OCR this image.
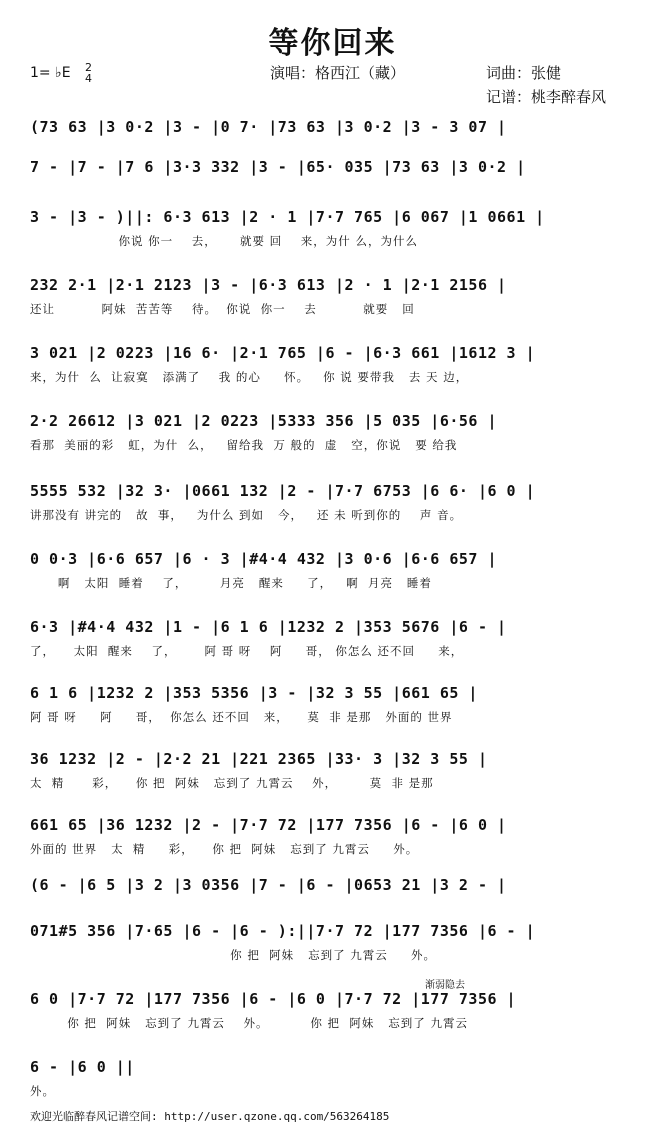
等你回来
1= ♭E 2
4	演唱：格西江（藏）	词曲：张健
记谱：桃李醉春风
(73 63 |3 0·2 |3 - |0 7· |73 63 |3 0·2 |3 - 3 07 |
7 - |7 - |7 6 |3·3 332 |3 - |65· 035 |73 63 |3 0·2 |
3 - |3 - )||: 6·3 613 |2 · 1 |7·7 765 |6 067 |1 0661 |
你说 你一    去，     就要 回    来，为什 么，为什么
232 2·1 |2·1 2123 |3 - |6·3 613 |2 · 1 |2·1 2156 |
还让          阿妹  苦苦等    待。  你说  你一    去          就要   回
3 021 |2 0223 |16 6· |2·1 765 |6 - |6·3 661 |1612 3 |
来，为什  么  让寂寞   添满了    我 的心     怀。   你 说 要带我   去 天 边，
2·2 26612 |3 021 |2 0223 |5333 356 |5 035 |6·56 |
看那  美丽的彩   虹，为什  么，   留给我  万 般的  虚   空，你说   要 给我
5555 532 |32 3· |0661 132 |2 - |7·7 6753 |6 6· |6 0 |
讲那没有 讲完的   故  事，   为什么 到如   今，   还 未 听到你的    声 音。
0 0·3 |6·6 657 |6 · 3 |#4·4 432 |3 0·6 |6·6 657 |
啊   太阳  睡着    了，       月亮   醒来     了，   啊  月亮   睡着
6·3 |#4·4 432 |1 - |6 1 6 |1232 2 |353 5676 |6 - |
了，    太阳  醒来    了，      阿 哥 呀    阿     哥， 你怎么 还不回     来，
6 1 6 |1232 2 |353 5356 |3 - |32 3 55 |661 65 |
阿 哥 呀     阿     哥，  你怎么 还不回   来，    莫  非 是那   外面的 世界
36 1232 |2 - |2·2 21 |221 2365 |33· 3 |32 3 55 |
太  精      彩，    你 把  阿妹   忘到了 九霄云    外，       莫  非 是那
661 65 |36 1232 |2 - |7·7 72 |177 7356 |6 - |6 0 |
外面的 世界   太  精     彩，    你 把  阿妹   忘到了 九霄云     外。
(6 - |6 5 |3 2 |3 0356 |7 - |6 - |0653 21 |3 2 - |
071#5 356 |7·65 |6 - |6 - ):||7·7 72 |177 7356 |6 - |
你 把  阿妹   忘到了 九霄云     外。
6 0 |7·7 72 |177 7356 |6 - |6 0 |7·7 72 |177 7356 |
你 把  阿妹   忘到了 九霄云    外。         你 把  阿妹   忘到了 九霄云
6 - |6 0 ||
外。
渐弱隐去
欢迎光临醉春风记谱空间: http://user.qzone.qq.com/563264185
